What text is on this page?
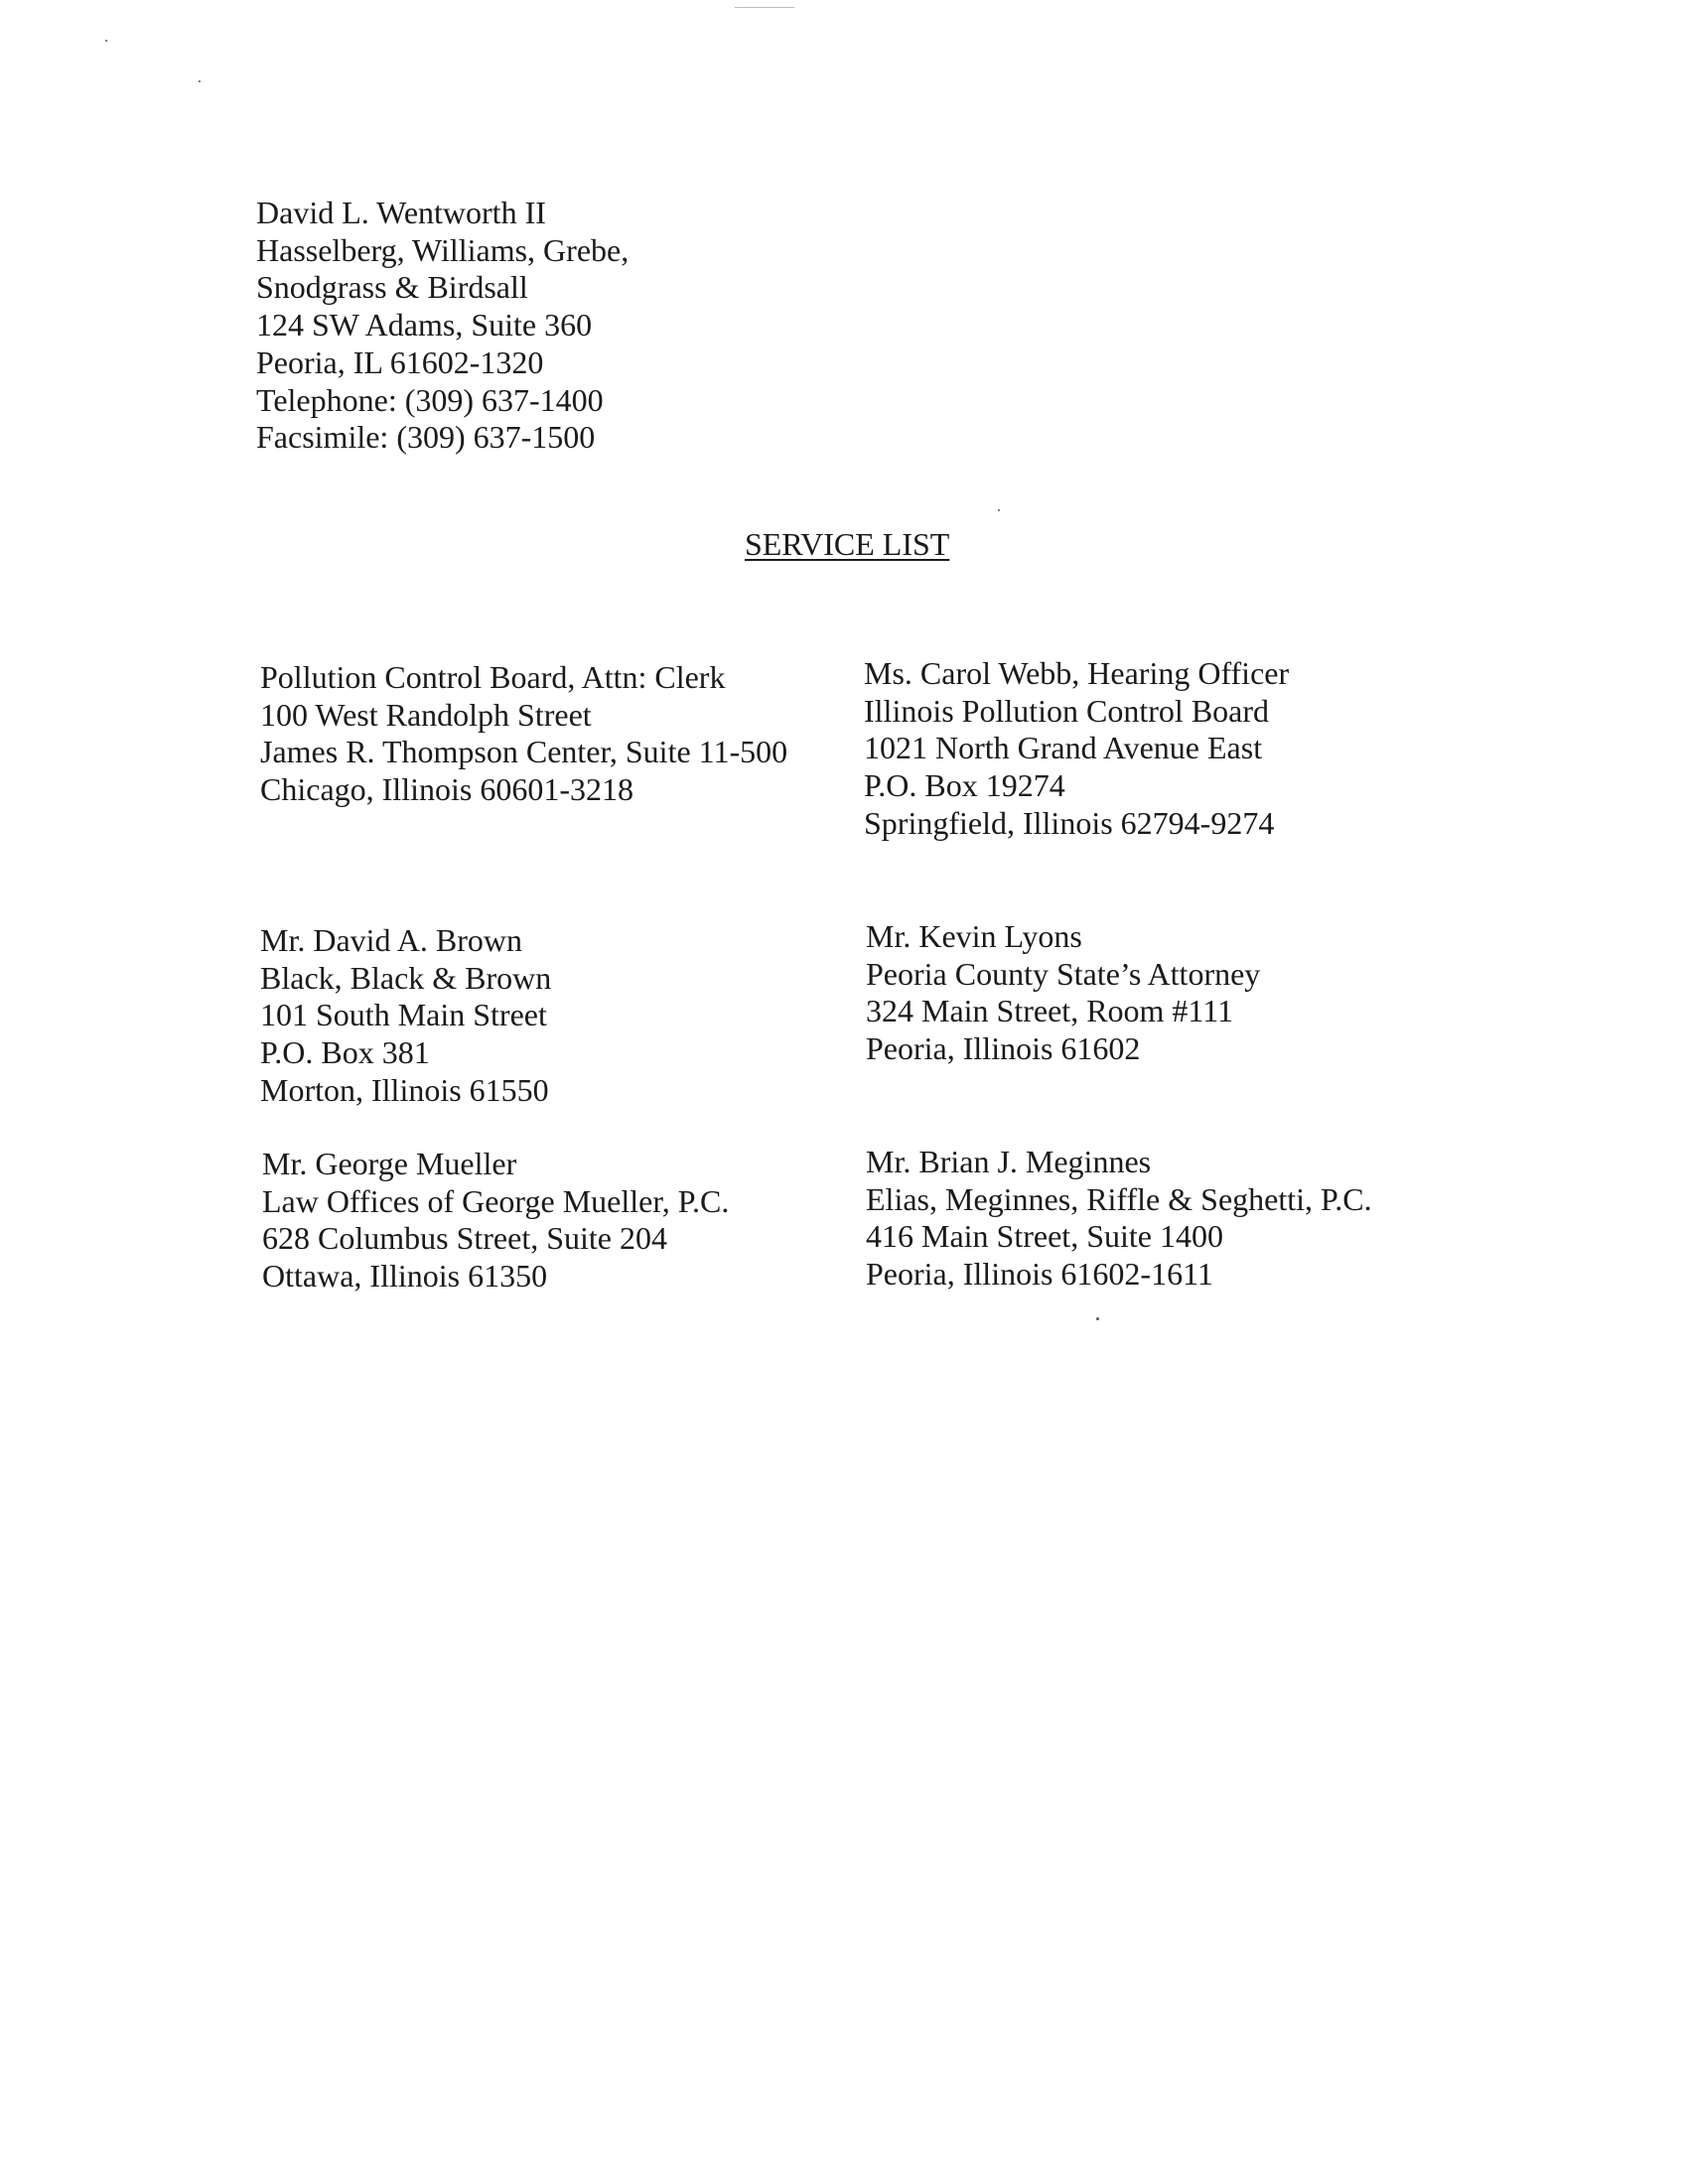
David L. Wentworth II
Hasselberg, Williams, Grebe,
Snodgrass & Birdsall
124 SW Adams, Suite 360
Peoria, IL 61602-1320
Telephone: (309) 637-1400
Facsimile: (309) 637-1500
SERVICE LIST
Pollution Control Board, Attn: Clerk
100 West Randolph Street
James R. Thompson Center, Suite 11-500
Chicago, Illinois 60601-3218
Ms. Carol Webb, Hearing Officer
Illinois Pollution Control Board
1021 North Grand Avenue East
P.O. Box 19274
Springfield, Illinois 62794-9274
Mr. David A. Brown
Black, Black & Brown
101 South Main Street
P.O. Box 381
Morton, Illinois 61550
Mr. Kevin Lyons
Peoria County State’s Attorney
324 Main Street, Room #111
Peoria, Illinois 61602
Mr. George Mueller
Law Offices of George Mueller, P.C.
628 Columbus Street, Suite 204
Ottawa, Illinois 61350
Mr. Brian J. Meginnes
Elias, Meginnes, Riffle & Seghetti, P.C.
416 Main Street, Suite 1400
Peoria, Illinois 61602-1611
